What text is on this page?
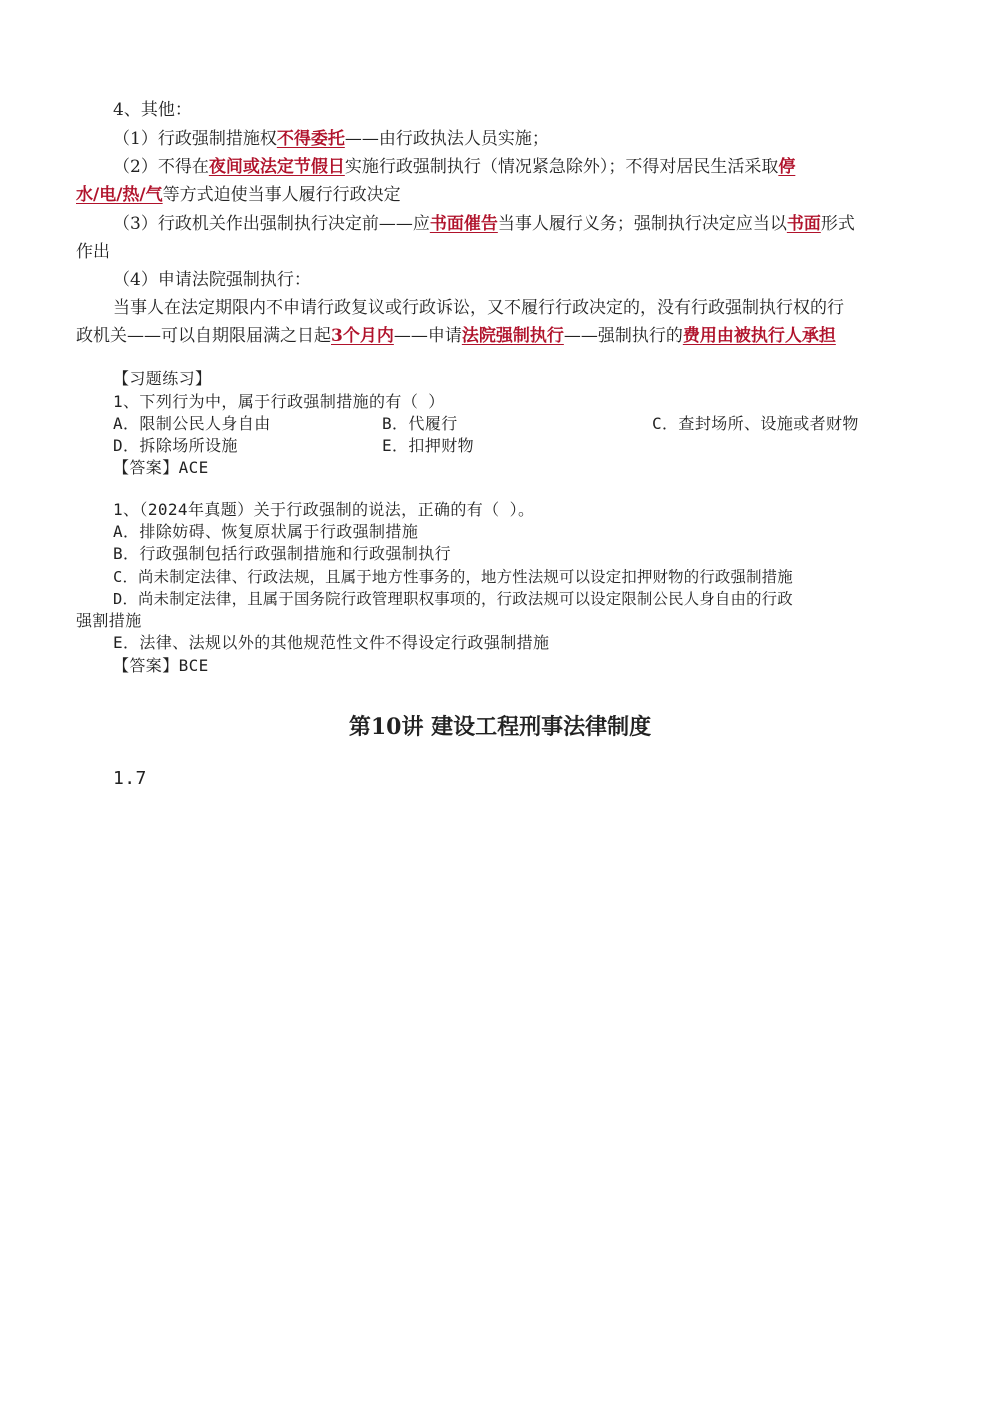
4、其他：
（1）行政强制措施权不得委托——由行政执法人员实施；
（2）不得在夜间或法定节假日实施行政强制执行（情况紧急除外）；不得对居民生活采取停
水/电/热/气等方式迫使当事人履行行政决定
（3）行政机关作出强制执行决定前——应书面催告当事人履行义务；强制执行决定应当以书面形式
作出
（4）申请法院强制执行：
当事人在法定期限内不申请行政复议或行政诉讼，又不履行行政决定的，没有行政强制执行权的行
政机关——可以自期限届满之日起3个月内——申请法院强制执行——强制执行的费用由被执行人承担
【习题练习】
1、下列行为中，属于行政强制措施的有（ ）
A．限制公民人身自由	B．代履行	C．查封场所、设施或者财物
D．拆除场所设施	E．扣押财物
【答案】ACE
1、（2024年真题）关于行政强制的说法，正确的有（ ）。
A．排除妨碍、恢复原状属于行政强制措施
B．行政强制包括行政强制措施和行政强制执行
C．尚未制定法律、行政法规，且属于地方性事务的，地方性法规可以设定扣押财物的行政强制措施
D．尚未制定法律，且属于国务院行政管理职权事项的，行政法规可以设定限制公民人身自由的行政
强割措施
E．法律、法规以外的其他规范性文件不得设定行政强制措施
【答案】BCE
第10讲 建设工程刑事法律制度
1.7
